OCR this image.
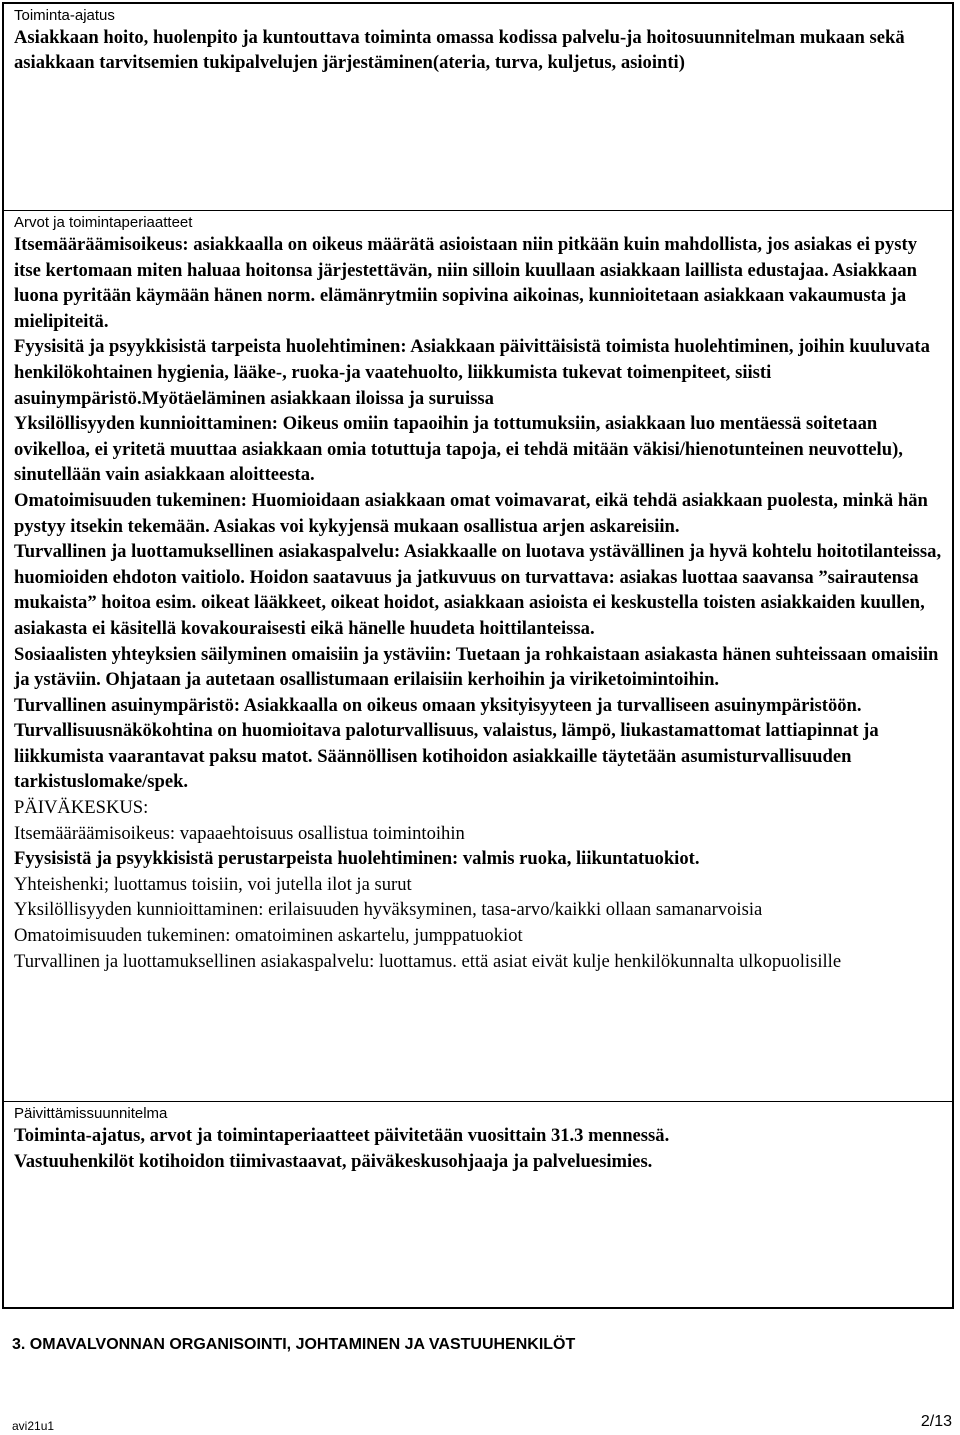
Toiminta-ajatus

Asiakkaan hoito, huolenpito ja kuntouttava toiminta omassa kodissa palvelu-ja hoitosuunnitelman mukaan sekä asiakkaan tarvitsemien tukipalvelujen järjestäminen(ateria, turva, kuljetus, asiointi)

Arvot ja toimintaperiaatteet

Itsemääräämisoikeus: asiakkaalla on oikeus määrätä asioistaan niin pitkään kuin mahdollista, jos asiakas ei pysty itse kertomaan miten haluaa hoitonsa järjestettävän, niin silloin kuullaan asiakkaan laillista edustajaa. Asiakkaan luona pyritään käymään hänen norm. elämänrytmiin sopivina aikoinas, kunnioitetaan asiakkaan vakaumusta ja mielipiteitä.

Fyysisitä ja psyykkisistä tarpeista huolehtiminen: Asiakkaan päivittäisistä toimista huolehtiminen, joihin kuuluvata henkilökohtainen hygienia, lääke-, ruoka-ja vaatehuolto, liikkumista tukevat toimenpiteet, siisti asuinympäristö.Myötäeläminen asiakkaan iloissa ja suruissa

Yksilöllisyyden kunnioittaminen: Oikeus omiin tapaoihin ja tottumuksiin, asiakkaan luo mentäessä soitetaan ovikelloa, ei yritetä muuttaa asiakkaan omia totuttuja tapoja, ei tehdä mitään väkisi/hienotunteinen neuvottelu), sinutellään vain asiakkaan aloitteesta.

Omatoimisuuden tukeminen: Huomioidaan asiakkaan omat voimavarat, eikä tehdä asiakkaan puolesta, minkä hän pystyy itsekin tekemään. Asiakas voi kykyjensä mukaan osallistua arjen askareisiin.

Turvallinen ja luottamuksellinen asiakaspalvelu: Asiakkaalle on luotava ystävällinen ja hyvä kohtelu hoitotilanteissa, huomioiden ehdoton vaitiolo. Hoidon saatavuus ja jatkuvuus on turvattava: asiakas luottaa saavansa ”sairautensa mukaista” hoitoa esim. oikeat lääkkeet, oikeat hoidot, asiakkaan asioista ei keskustella toisten asiakkaiden kuullen, asiakasta ei käsitellä kovakouraisesti eikä hänelle huudeta hoittilanteissa.

Sosiaalisten yhteyksien säilyminen omaisiin ja ystäviin: Tuetaan ja rohkaistaan asiakasta hänen suhteissaan omaisiin ja ystäviin. Ohjataan ja autetaan osallistumaan erilaisiin kerhoihin ja viriketoimintoihin.

Turvallinen asuinympäristö: Asiakkaalla on oikeus omaan yksityisyyteen ja turvalliseen asuinympäristöön. Turvallisuusnäkökohtina on huomioitava paloturvallisuus, valaistus, lämpö, liukastamattomat lattiapinnat ja liikkumista vaarantavat paksu matot. Säännöllisen kotihoidon asiakkaille täytetään asumisturvallisuuden tarkistuslomake/spek.

PÄIVÄKESKUS:

Itsemääräämisoikeus: vapaaehtoisuus osallistua toimintoihin

Fyysisistä ja psyykkisistä perustarpeista huolehtiminen: valmis ruoka, liikuntatuokiot.

Yhteishenki; luottamus toisiin, voi jutella ilot ja surut

Yksilöllisyyden kunnioittaminen: erilaisuuden hyväksyminen, tasa-arvo/kaikki ollaan samanarvoisia

Omatoimisuuden tukeminen: omatoiminen askartelu, jumppatuokiot

Turvallinen ja luottamuksellinen asiakaspalvelu: luottamus. että asiat eivät kulje henkilökunnalta ulkopuolisille

Päivittämissuunnitelma

Toiminta-ajatus, arvot ja toimintaperiaatteet päivitetään vuosittain 31.3 mennessä.

Vastuuhenkilöt kotihoidon tiimivastaavat, päiväkeskusohjaaja ja palveluesimies.

3. OMAVALVONNAN ORGANISOINTI, JOHTAMINEN JA VASTUUHENKILÖT
avi21u1	2/13
